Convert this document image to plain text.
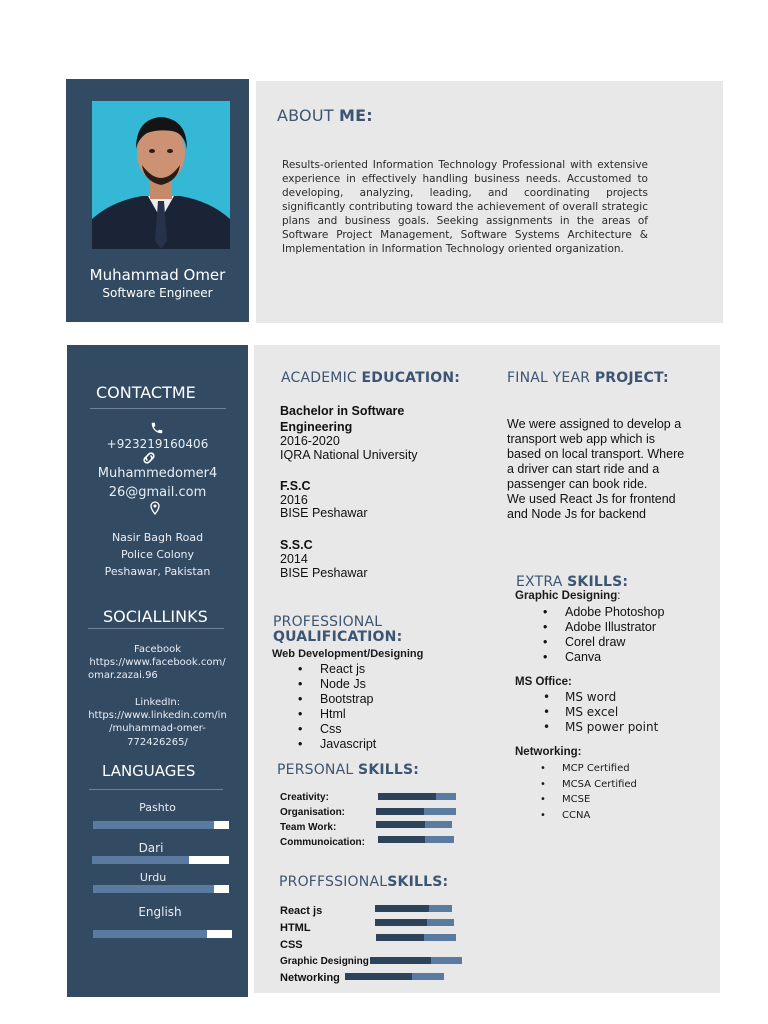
Muhammad Omer
Software Engineer
ABOUT ME:
Results-oriented Information Technology Professional with extensive experience in effectively handling business needs. Accustomed to developing, analyzing, leading, and coordinating projects significantly contributing toward the achievement of overall strategic plans and business goals. Seeking assignments in the areas of Software Project Management, Software Systems Architecture & Implementation in Information Technology oriented organization.
CONTACTME
+923219160406
Muhammedomer4
26@gmail.com
Nasir Bagh Road
Police Colony
Peshawar, Pakistan
SOCIALLINKS
Facebook
https://www.facebook.com/
omar.zazai.96
LinkedIn:
https://www.linkedin.com/in
/muhammad-omer-
772426265/
LANGUAGES
Pashto
Dari
Urdu
English
ACADEMIC EDUCATION:
Bachelor in Software
Engineering
2016-2020
IQRA National University
F.S.C
2016
BISE Peshawar
S.S.C
2014
BISE Peshawar
FINAL YEAR PROJECT:
We were assigned to develop a
transport web app which is
based on local transport. Where
a driver can start ride and a
passenger can book ride.
We used React Js for frontend
and Node Js for backend
PROFESSIONAL
QUALIFICATION:
Web Development/Designing
• React js
• Node Js
• Bootstrap
• Html
• Css
• Javascript
EXTRA SKILLS:
Graphic Designing:
• Adobe Photoshop
• Adobe Illustrator
• Corel draw
• Canva
MS Office:
• MS word
• MS excel
• MS power point
Networking:
• MCP Certified
• MCSA Certified
• MCSE
• CCNA
PERSONAL SKILLS:
Creativity:
Organisation:
Team Work:
Communoication:
PROFFSSIONALSKILLS:
React js
HTML
CSS
Graphic Designing
Networking
